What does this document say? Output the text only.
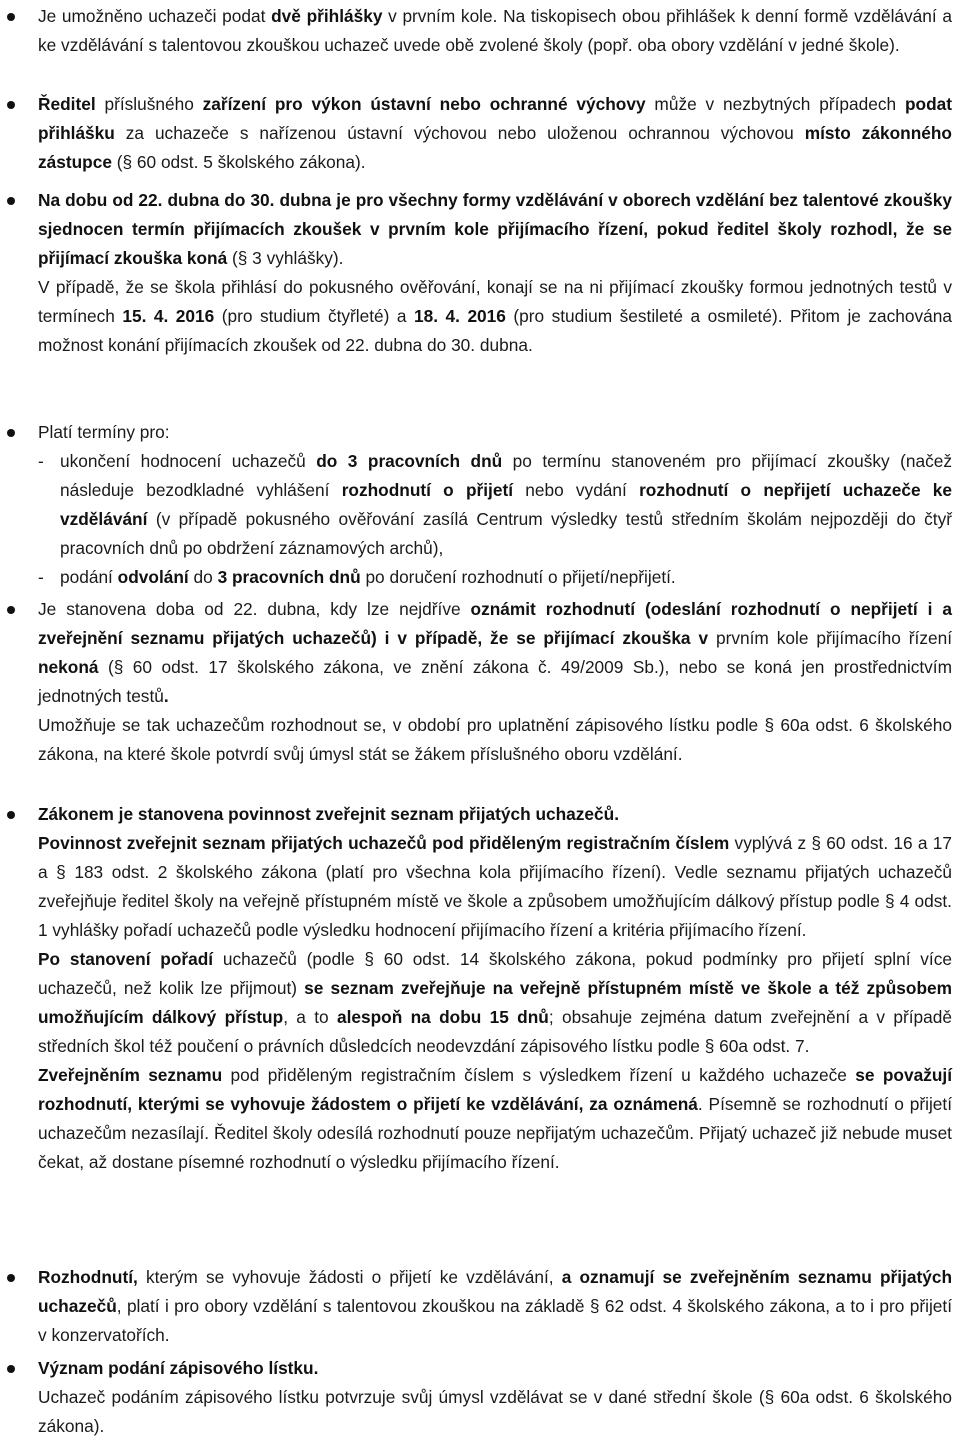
Je umožněno uchazeči podat dvě přihlášky v prvním kole. Na tiskopisech obou přihlášek k denní formě vzdělávání a ke vzdělávání s talentovou zkouškou uchazeč uvede obě zvolené školy (popř. oba obory vzdělání v jedné škole).

Ředitel příslušného zařízení pro výkon ústavní nebo ochranné výchovy může v nezbytných případech podat přihlášku za uchazeče s nařízenou ústavní výchovou nebo uloženou ochrannou výchovou místo zákonného zástupce (§ 60 odst. 5 školského zákona).

Na dobu od 22. dubna do 30. dubna je pro všechny formy vzdělávání v oborech vzdělání bez talentové zkoušky sjednocen termín přijímacích zkoušek v prvním kole přijímacího řízení, pokud ředitel školy rozhodl, že se přijímací zkouška koná (§ 3 vyhlášky).

V případě, že se škola přihlásí do pokusného ověřování, konají se na ni přijímací zkoušky formou jednotných testů v termínech 15. 4. 2016 (pro studium čtyřleté) a 18. 4. 2016 (pro studium šestileté a osmileté). Přitom je zachována možnost konání přijímacích zkoušek od 22. dubna do 30. dubna.

Platí termíny pro:

- ukončení hodnocení uchazečů do 3 pracovních dnů po termínu stanoveném pro přijímací zkoušky (načež následuje bezodkladné vyhlášení rozhodnutí o přijetí nebo vydání rozhodnutí o nepřijetí uchazeče ke vzdělávání (v případě pokusného ověřování zasílá Centrum výsledky testů středním školám nejpozději do čtyř pracovních dnů po obdržení záznamových archů),
- podání odvolání do 3 pracovních dnů po doručení rozhodnutí o přijetí/nepřijetí.

Je stanovena doba od 22. dubna, kdy lze nejdříve oznámit rozhodnutí (odeslání rozhodnutí o nepřijetí i a zveřejnění seznamu přijatých uchazečů) i v případě, že se přijímací zkouška v prvním kole přijímacího řízení nekoná (§ 60 odst. 17 školského zákona, ve znění zákona č. 49/2009 Sb.), nebo se koná jen prostřednictvím jednotných testů.

Umožňuje se tak uchazečům rozhodnout se, v období pro uplatnění zápisového lístku podle § 60a odst. 6 školského zákona, na které škole potvrdí svůj úmysl stát se žákem příslušného oboru vzdělání.

Zákonem je stanovena povinnost zveřejnit seznam přijatých uchazečů.

Povinnost zveřejnit seznam přijatých uchazečů pod přiděleným registračním číslem vyplývá z § 60 odst. 16 a 17 a § 183 odst. 2 školského zákona (platí pro všechna kola přijímacího řízení). Vedle seznamu přijatých uchazečů zveřejňuje ředitel školy na veřejně přístupném místě ve škole a způsobem umožňujícím dálkový přístup podle § 4 odst. 1 vyhlášky pořadí uchazečů podle výsledku hodnocení přijímacího řízení a kritéria přijímacího řízení.

Po stanovení pořadí uchazečů (podle § 60 odst. 14 školského zákona, pokud podmínky pro přijetí splní více uchazečů, než kolik lze přijmout) se seznam zveřejňuje na veřejně přístupném místě ve škole a též způsobem umožňujícím dálkový přístup, a to alespoň na dobu 15 dnů; obsahuje zejména datum zveřejnění a v případě středních škol též poučení o právních důsledcích neodevzdání zápisového lístku podle § 60a odst. 7.

Zveřejněním seznamu pod přiděleným registračním číslem s výsledkem řízení u každého uchazeče se považují rozhodnutí, kterými se vyhovuje žádostem o přijetí ke vzdělávání, za oznámená. Písemně se rozhodnutí o přijetí uchazečům nezasílají. Ředitel školy odesílá rozhodnutí pouze nepřijatým uchazečům. Přijatý uchazeč již nebude muset čekat, až dostane písemné rozhodnutí o výsledku přijímacího řízení.

Rozhodnutí, kterým se vyhovuje žádosti o přijetí ke vzdělávání, a oznamují se zveřejněním seznamu přijatých uchazečů, platí i pro obory vzdělání s talentovou zkouškou na základě § 62 odst. 4 školského zákona, a to i pro přijetí v konzervatořích.

Význam podání zápisového lístku.

Uchazeč podáním zápisového lístku potvrzuje svůj úmysl vzdělávat se v dané střední škole (§ 60a odst. 6 školského zákona).
